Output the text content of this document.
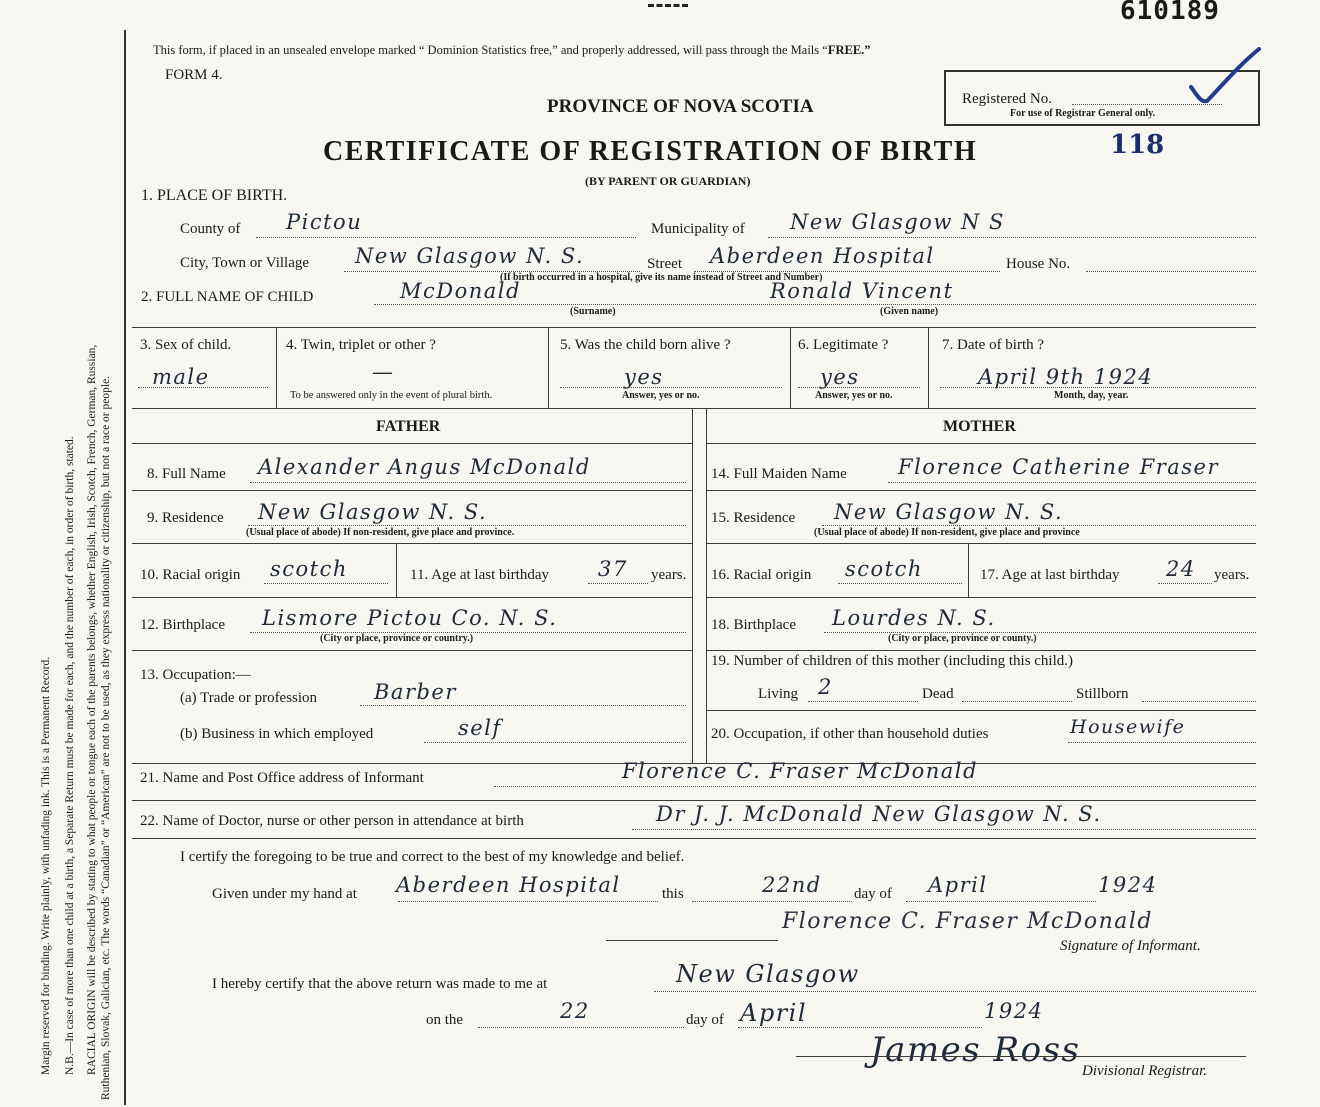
610189
Margin reserved for binding. Write plainly, with unfading ink. This is a Permanent Record. N.B.—In case of more than one child at a birth, a Separate Return must be made for each, and the number of each, in order of birth, stated. RACIAL ORIGIN will be described by stating to what people or tongue each of the parents belongs, whether English, Irish, Scotch, French, German, Russian, Ruthenian, Slovak, Galician, etc. The words “Canadian” or “American” are not to be used, as they express nationality or citizenship, but not a race or people.
This form, if placed in an unsealed envelope marked “ Dominion Statistics free,” and properly addressed, will pass through the Mails “FREE.”
FORM 4.
PROVINCE OF NOVA SCOTIA
CERTIFICATE OF REGISTRATION OF BIRTH
(BY PARENT OR GUARDIAN)
Registered No.
For use of Registrar General only.
118
1. PLACE OF BIRTH.
County of Pictou	Municipality of New Glasgow N S
City, Town or Village New Glasgow N. S.	Street Aberdeen Hospital	House No.
(If birth occurred in a hospital, give its name instead of Street and Number)
2. FULL NAME OF CHILD	McDonald	Ronald Vincent
(Surname)	(Given name)
3. Sex of child.
male
4. Twin, triplet or other ?
—
To be answered only in the event of plural birth.
5. Was the child born alive ?
yes
Answer, yes or no.
6. Legitimate ?
yes
Answer, yes or no.
7. Date of birth ?
April 9th 1924
Month, day, year.
FATHER	MOTHER
8. Full Name Alexander Angus McDonald
9. Residence New Glasgow N. S.
(Usual place of abode) If non-resident, give place and province.
10. Racial origin scotch	11. Age at last birthday 37 years.
12. Birthplace Lismore Pictou Co. N. S.
(City or place, province or country.)
13. Occupation:—
(a) Trade or profession	Barber
(b) Business in which employed	self
14. Full Maiden Name Florence Catherine Fraser
15. Residence New Glasgow N. S.
(Usual place of abode) If non-resident, give place and province
16. Racial origin scotch	17. Age at last birthday 24 years.
18. Birthplace Lourdes N. S.
(City or place, province or county.)
19. Number of children of this mother (including this child.)
Living 2	Dead	Stillborn
20. Occupation, if other than household duties	Housewife
21. Name and Post Office address of Informant	Florence C. Fraser McDonald
22. Name of Doctor, nurse or other person in attendance at birth	Dr J. J. McDonald New Glasgow N. S.
I certify the foregoing to be true and correct to the best of my knowledge and belief.
Given under my hand at Aberdeen Hospital	this	22nd day of April	1924
Florence C. Fraser McDonald
Signature of Informant.
I hereby certify that the above return was made to me at	New Glasgow
on the	22	day of April	1924
James Ross
Divisional Registrar.
